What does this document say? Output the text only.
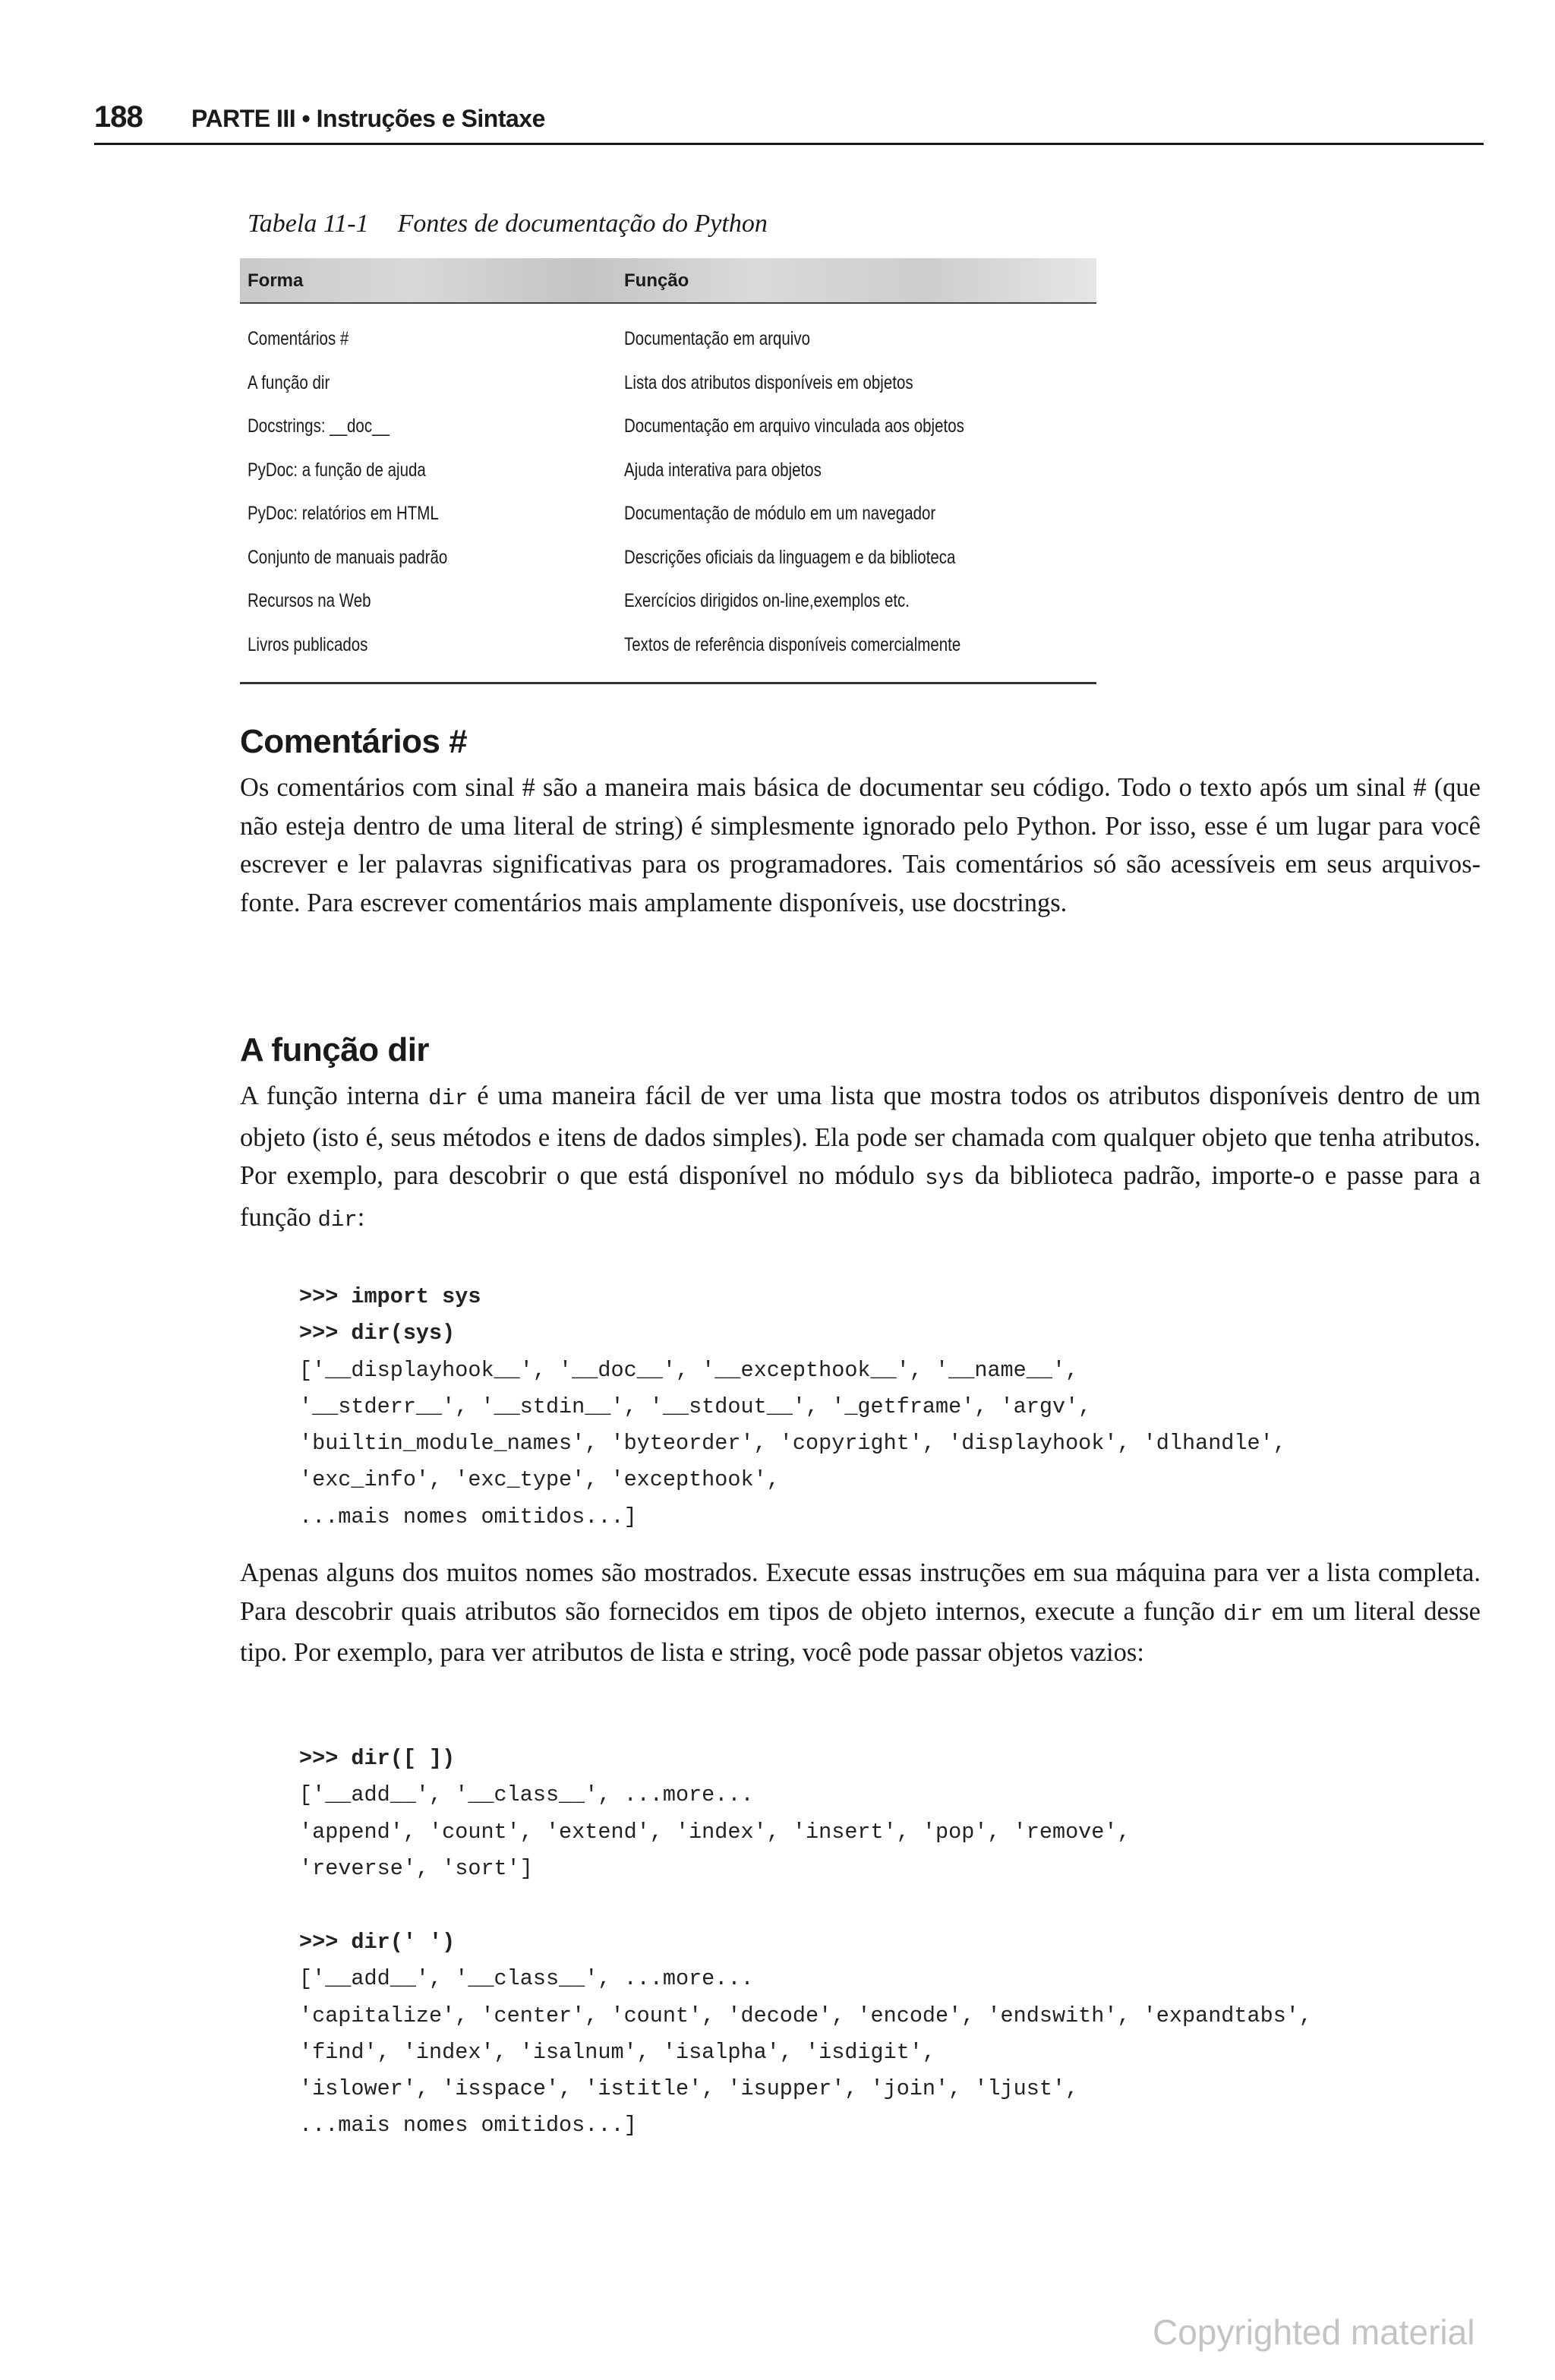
188 PARTE III • Instruções e Sintaxe
Tabela 11-1 Fontes de documentação do Python
Forma	Função
Comentários #	Documentação em arquivo
A função dir	Lista dos atributos disponíveis em objetos
Docstrings: __doc__	Documentação em arquivo vinculada aos objetos
PyDoc: a função de ajuda	Ajuda interativa para objetos
PyDoc: relatórios em HTML	Documentação de módulo em um navegador
Conjunto de manuais padrão	Descrições oficiais da linguagem e da biblioteca
Recursos na Web	Exercícios dirigidos on-line,exemplos etc.
Livros publicados	Textos de referência disponíveis comercialmente
Comentários #

Os comentários com sinal # são a maneira mais básica de documentar seu código. Todo o texto após um sinal # (que não esteja dentro de uma literal de string) é simplesmente ignorado pelo Python. Por isso, esse é um lugar para você escrever e ler palavras significativas para os programadores. Tais comentários só são acessíveis em seus arquivos-fonte. Para escrever comentários mais amplamente disponíveis, use docstrings.

A função dir

A função interna dir é uma maneira fácil de ver uma lista que mostra todos os atributos disponíveis dentro de um objeto (isto é, seus métodos e itens de dados simples). Ela pode ser chamada com qualquer objeto que tenha atributos. Por exemplo, para descobrir o que está disponível no módulo sys da biblioteca padrão, importe-o e passe para a função dir:

>>> import sys
>>> dir(sys)
['__displayhook__', '__doc__', '__excepthook__', '__name__',
'__stderr__', '__stdin__', '__stdout__', '_getframe', 'argv',
'builtin_module_names', 'byteorder', 'copyright', 'displayhook', 'dlhandle',
'exc_info', 'exc_type', 'excepthook',
...mais nomes omitidos...]

Apenas alguns dos muitos nomes são mostrados. Execute essas instruções em sua máquina para ver a lista completa. Para descobrir quais atributos são fornecidos em tipos de objeto internos, execute a função dir em um literal desse tipo. Por exemplo, para ver atributos de lista e string, você pode passar objetos vazios:

>>> dir([ ])
['__add__', '__class__', ...more...
'append', 'count', 'extend', 'index', 'insert', 'pop', 'remove',
'reverse', 'sort']
>>> dir(' ')
['__add__', '__class__', ...more...
'capitalize', 'center', 'count', 'decode', 'encode', 'endswith', 'expandtabs',
'find', 'index', 'isalnum', 'isalpha', 'isdigit',
'islower', 'isspace', 'istitle', 'isupper', 'join', 'ljust',
...mais nomes omitidos...]
Copyrighted material
